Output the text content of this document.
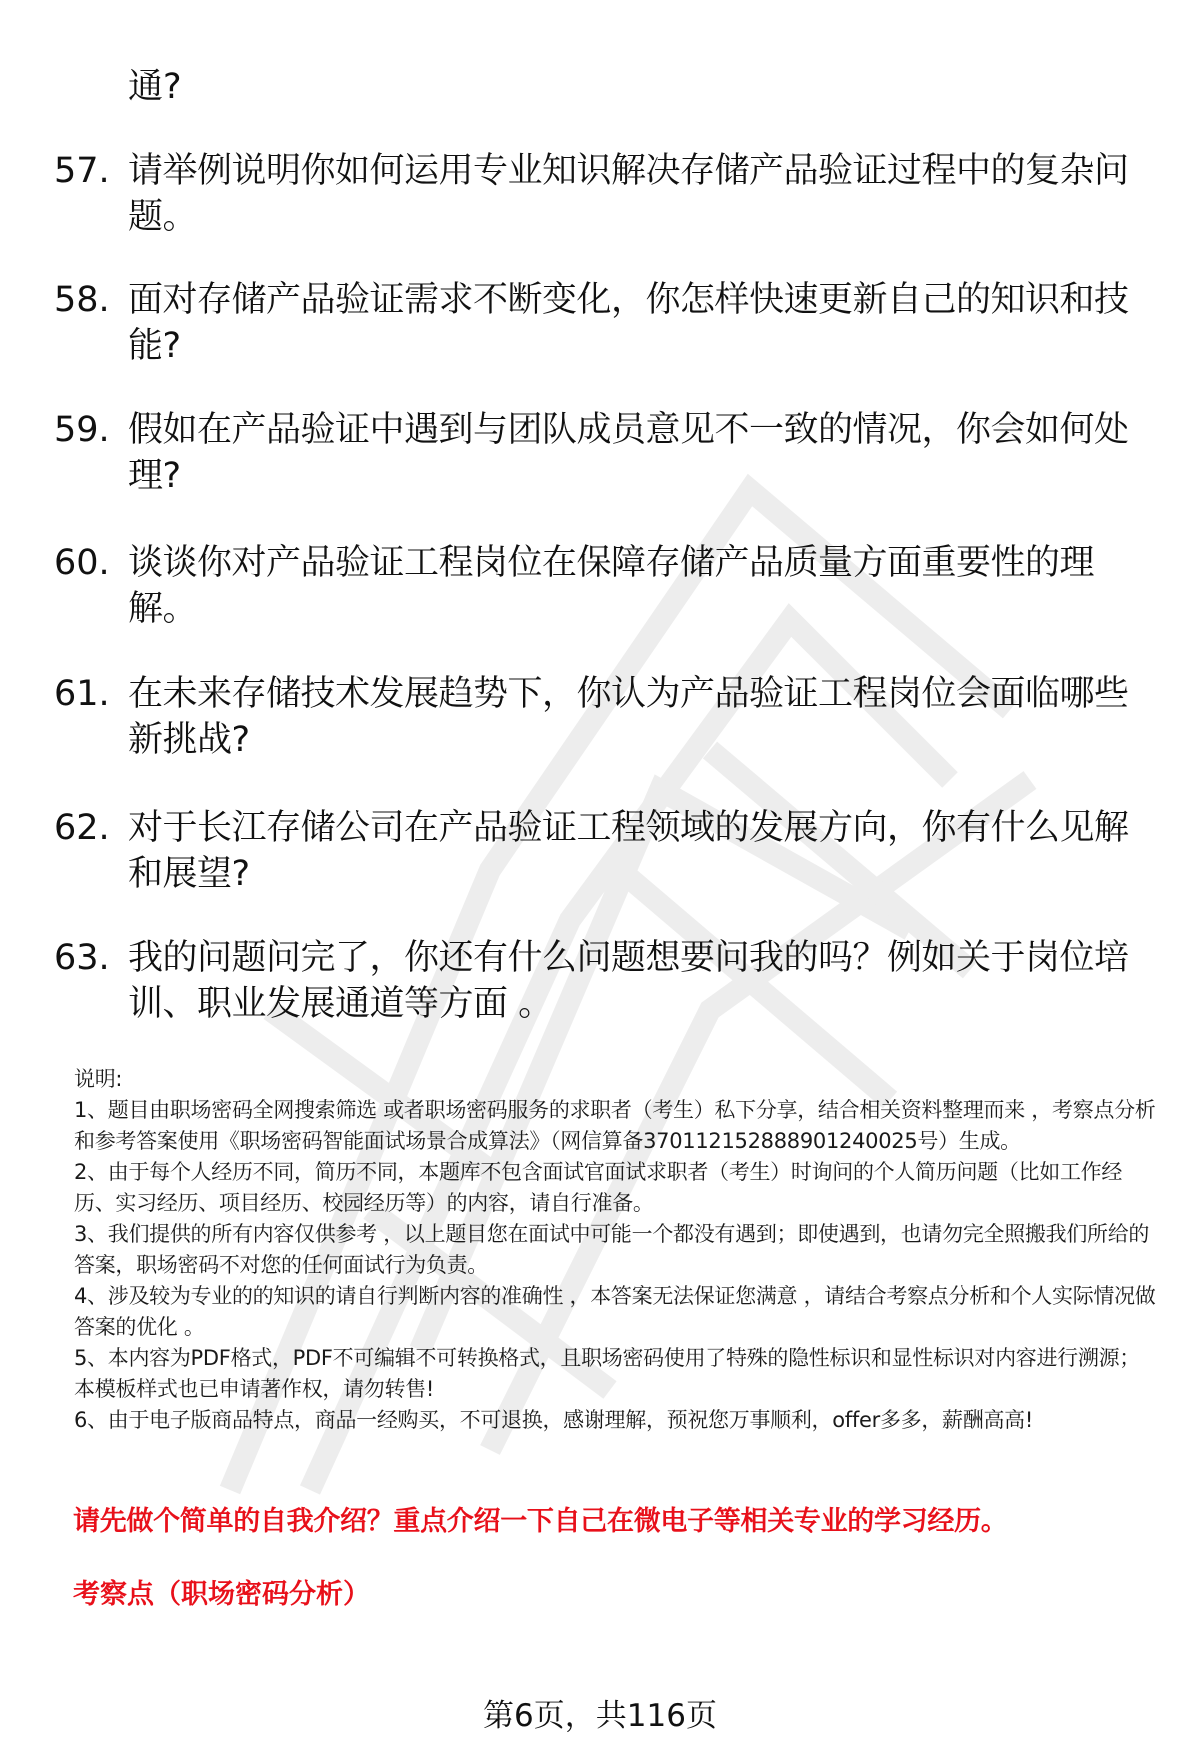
通?
57. 请举例说明你如何运用专业知识解决存储产品验证过程中的复杂问题。
58. 面对存储产品验证需求不断变化，你怎样快速更新自己的知识和技能?
59. 假如在产品验证中遇到与团队成员意见不一致的情况，你会如何处理?
60. 谈谈你对产品验证工程岗位在保障存储产品质量方面重要性的理解。
61. 在未来存储技术发展趋势下，你认为产品验证工程岗位会面临哪些新挑战?
62. 对于长江存储公司在产品验证工程领域的发展方向，你有什么见解和展望?
63. 我的问题问完了，你还有什么问题想要问我的吗？例如关于岗位培训、职业发展通道等方面 。

说明:

1、题目由职场密码全网搜索筛选 或者职场密码服务的求职者（考生）私下分享，结合相关资料整理而来 ，考察点分析和参考答案使用《职场密码智能面试场景合成算法》（网信算备370112152888901240025号）生成。

2、由于每个人经历不同，简历不同，本题库不包含面试官面试求职者（考生）时询问的个人简历问题（比如工作经历、实习经历、项目经历、校园经历等）的内容，请自行准备。

3、我们提供的所有内容仅供参考 ，以上题目您在面试中可能一个都没有遇到；即使遇到，也请勿完全照搬我们所给的答案，职场密码不对您的任何面试行为负责。

4、涉及较为专业的的知识的请自行判断内容的准确性 ，本答案无法保证您满意 ，请结合考察点分析和个人实际情况做答案的优化 。

5、本内容为PDF格式，PDF不可编辑不可转换格式，且职场密码使用了特殊的隐性标识和显性标识对内容进行溯源；本模板样式也已申请著作权，请勿转售!

6、由于电子版商品特点，商品一经购买，不可退换，感谢理解，预祝您万事顺利，offer多多，薪酬高高!

请先做个简单的自我介绍？重点介绍一下自己在微电子等相关专业的学习经历。
考察点（职场密码分析）
第6页，共116页
